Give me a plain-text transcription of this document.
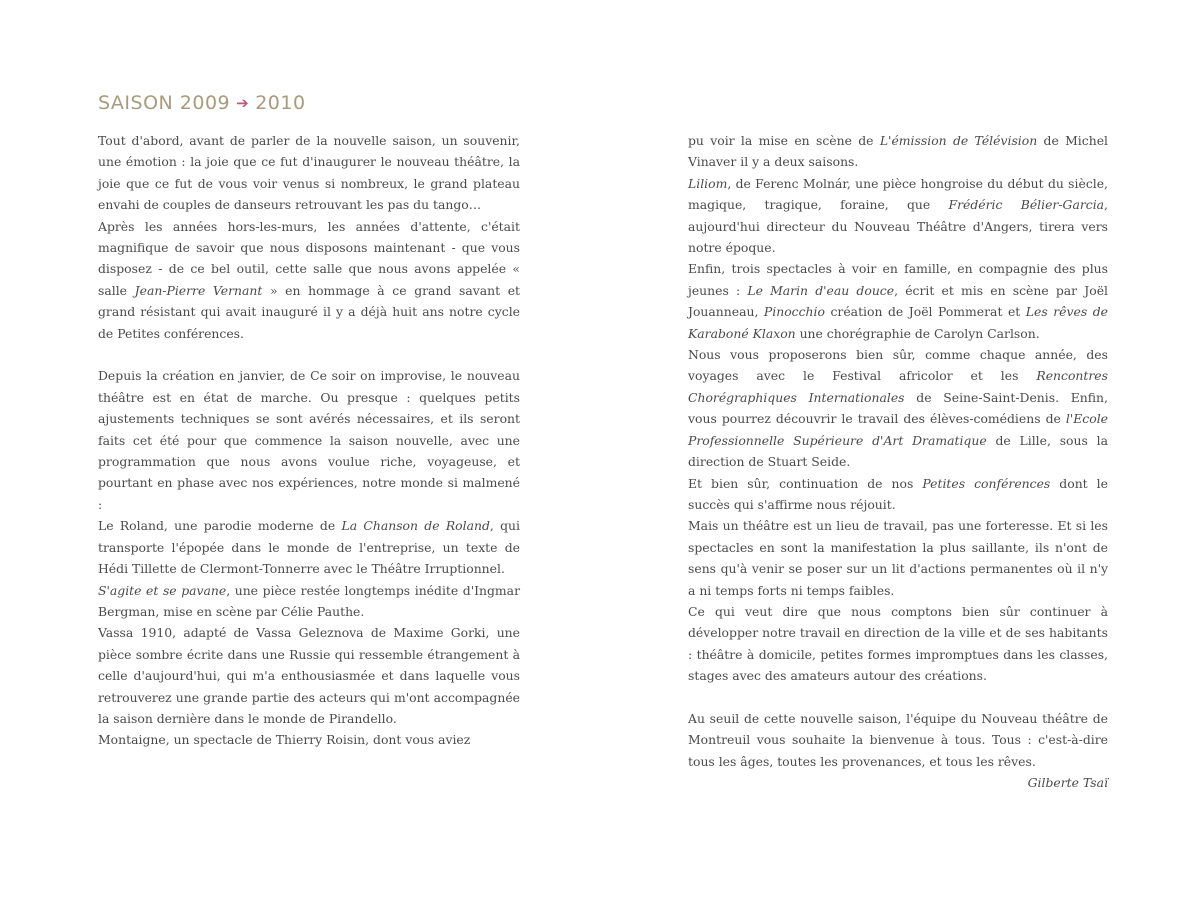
SAISON 2009 ➔ 2010

Tout d'abord, avant de parler de la nouvelle saison, un souvenir, une émotion : la joie que ce fut d'inaugurer le nouveau théâtre, la joie que ce fut de vous voir venus si nombreux, le grand plateau envahi de couples de danseurs retrouvant les pas du tango…

Après les années hors-les-murs, les années d'attente, c'était magnifique de savoir que nous disposons maintenant - que vous disposez - de ce bel outil, cette salle que nous avons appelée « salle Jean-Pierre Vernant » en hommage à ce grand savant et grand résistant qui avait inauguré il y a déjà huit ans notre cycle de Petites conférences.

Depuis la création en janvier, de Ce soir on improvise, le nouveau théâtre est en état de marche. Ou presque : quelques petits ajustements techniques se sont avérés nécessaires, et ils seront faits cet été pour que commence la saison nouvelle, avec une programmation que nous avons voulue riche, voyageuse, et pourtant en phase avec nos expériences, notre monde si malmené :

Le Roland, une parodie moderne de La Chanson de Roland, qui transporte l'épopée dans le monde de l'entreprise, un texte de Hédi Tillette de Clermont-Tonnerre avec le Théâtre Irruptionnel.

S'agite et se pavane, une pièce restée longtemps inédite d'Ingmar Bergman, mise en scène par Célie Pauthe.

Vassa 1910, adapté de Vassa Geleznova de Maxime Gorki, une pièce sombre écrite dans une Russie qui ressemble étrangement à celle d'aujourd'hui, qui m'a enthousiasmée et dans laquelle vous retrouverez une grande partie des acteurs qui m'ont accompagnée la saison dernière dans le monde de Pirandello.

Montaigne, un spectacle de Thierry Roisin, dont vous aviez

pu voir la mise en scène de L'émission de Télévision de Michel Vinaver il y a deux saisons.

Liliom, de Ferenc Molnár, une pièce hongroise du début du siècle, magique, tragique, foraine, que Frédéric Bélier-Garcia, aujourd'hui directeur du Nouveau Théâtre d'Angers, tirera vers notre époque.

Enfin, trois spectacles à voir en famille, en compagnie des plus jeunes : Le Marin d'eau douce, écrit et mis en scène par Joël Jouanneau, Pinocchio création de Joël Pommerat et Les rêves de Karaboné Klaxon une chorégraphie de Carolyn Carlson.

Nous vous proposerons bien sûr, comme chaque année, des voyages avec le Festival africolor et les Rencontres Chorégraphiques Internationales de Seine-Saint-Denis. Enfin, vous pourrez découvrir le travail des élèves-comédiens de l'Ecole Professionnelle Supérieure d'Art Dramatique de Lille, sous la direction de Stuart Seide.

Et bien sûr, continuation de nos Petites conférences dont le succès qui s'affirme nous réjouit.

Mais un théâtre est un lieu de travail, pas une forteresse. Et si les spectacles en sont la manifestation la plus saillante, ils n'ont de sens qu'à venir se poser sur un lit d'actions permanentes où il n'y a ni temps forts ni temps faibles.

Ce qui veut dire que nous comptons bien sûr continuer à développer notre travail en direction de la ville et de ses habitants : théâtre à domicile, petites formes impromptues dans les classes, stages avec des amateurs autour des créations.

Au seuil de cette nouvelle saison, l'équipe du Nouveau théâtre de Montreuil vous souhaite la bienvenue à tous. Tous : c'est-à-dire tous les âges, toutes les provenances, et tous les rêves.

Gilberte Tsaï
